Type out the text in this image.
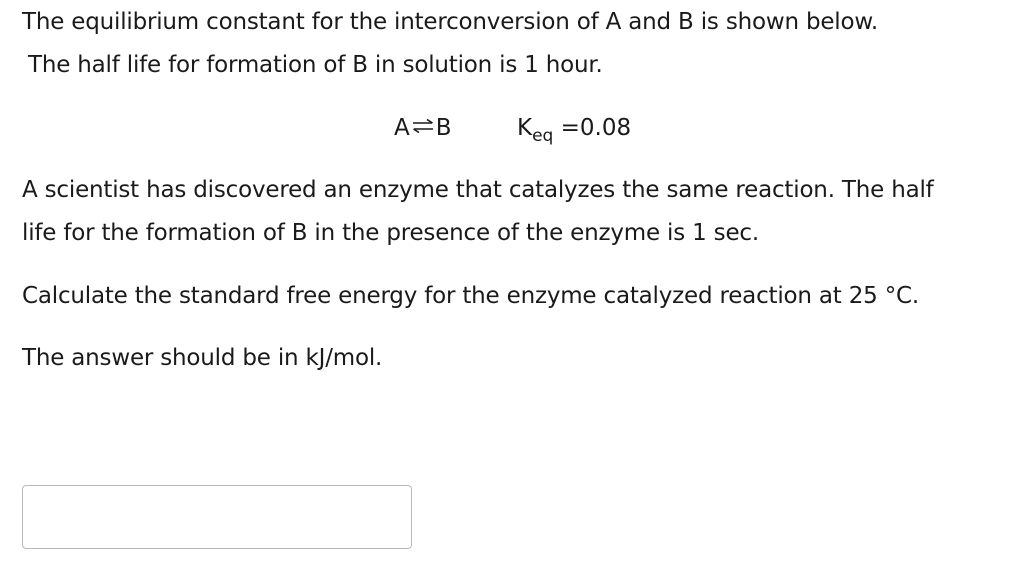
The equilibrium constant for the interconversion of A and B is shown below.
The half life for formation of B in solution is 1 hour.
A ⇌ B	$K_{eq} =0.08$
A scientist has discovered an enzyme that catalyzes the same reaction. The half
life for the formation of B in the presence of the enzyme is 1 sec.
Calculate the standard free energy for the enzyme catalyzed reaction at 25 °C.
The answer should be in kJ/mol.
